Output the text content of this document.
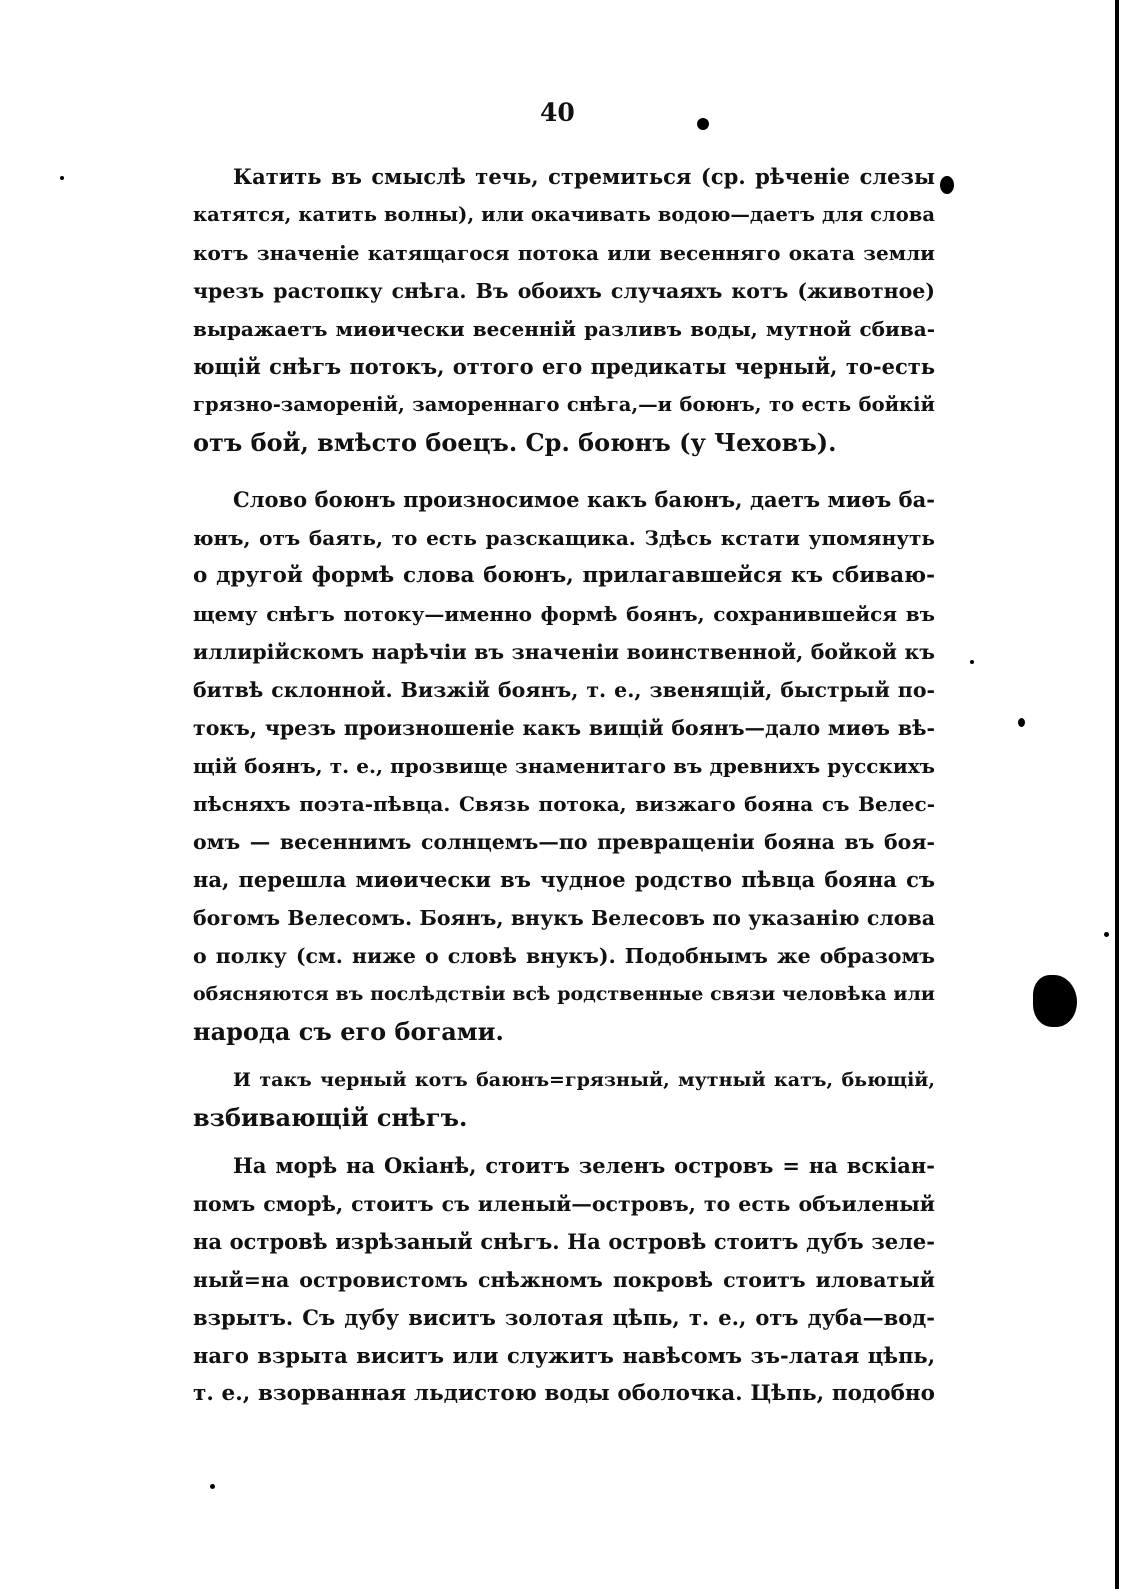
40
Катить въ смыслѣ течь, стремиться (ср. рѣченіе слезы
катятся, катить волны), или окачивать водою—даетъ для слова
котъ значеніе катящагося потока или весенняго оката земли
чрезъ растопку снѣга. Въ обоихъ случаяхъ котъ (животное)
выражаетъ миѳически весенній разливъ воды, мутной сбива-
ющій снѣгъ потокъ, оттого его предикаты черный, то-есть
грязно-замореній, замореннаго снѣга,—и боюнъ, то есть бойкій
отъ бой, вмѣсто боецъ. Ср. боюнъ (у Чеховъ).
Слово боюнъ произносимое какъ баюнъ, даетъ миѳъ ба-
юнъ, отъ баять, то есть разскащика. Здѣсь кстати упомянуть
о другой формѣ слова боюнъ, прилагавшейся къ сбиваю-
щему снѣгъ потоку—именно формѣ боянъ, сохранившейся въ
иллирійскомъ нарѣчіи въ значеніи воинственной, бойкой къ
битвѣ склонной. Визжій боянъ, т. е., звенящій, быстрый по-
токъ, чрезъ произношеніе какъ вищій боянъ—дало миѳъ вѣ-
щій боянъ, т. е., прозвище знаменитаго въ древнихъ русскихъ
пѣсняхъ поэта-пѣвца. Связь потока, визжаго бояна съ Велес-
омъ — весеннимъ солнцемъ—по превращеніи бояна въ боя-
на, перешла миѳически въ чудное родство пѣвца бояна съ
богомъ Велесомъ. Боянъ, внукъ Велесовъ по указанію слова
о полку (см. ниже о словѣ внукъ). Подобнымъ же образомъ
обясняются въ послѣдствіи всѣ родственные связи человѣка или
народа съ его богами.
И такъ черный котъ баюнъ=грязный, мутный катъ, бьющій,
взбивающій снѣгъ.
На морѣ на Окіанѣ, стоитъ зеленъ островъ = на вскіан-
помъ сморѣ, стоитъ съ иленый—островъ, то есть объиленый
на островѣ изрѣзаный снѣгъ. На островѣ стоитъ дубъ зеле-
ный=на островистомъ снѣжномъ покровѣ стоитъ иловатый
взрытъ. Съ дубу виситъ золотая цѣпь, т. е., отъ дуба—вод-
наго взрыта виситъ или служитъ навѣсомъ зъ-латая цѣпь,
т. е., взорванная льдистою воды оболочка. Цѣпь, подобно
